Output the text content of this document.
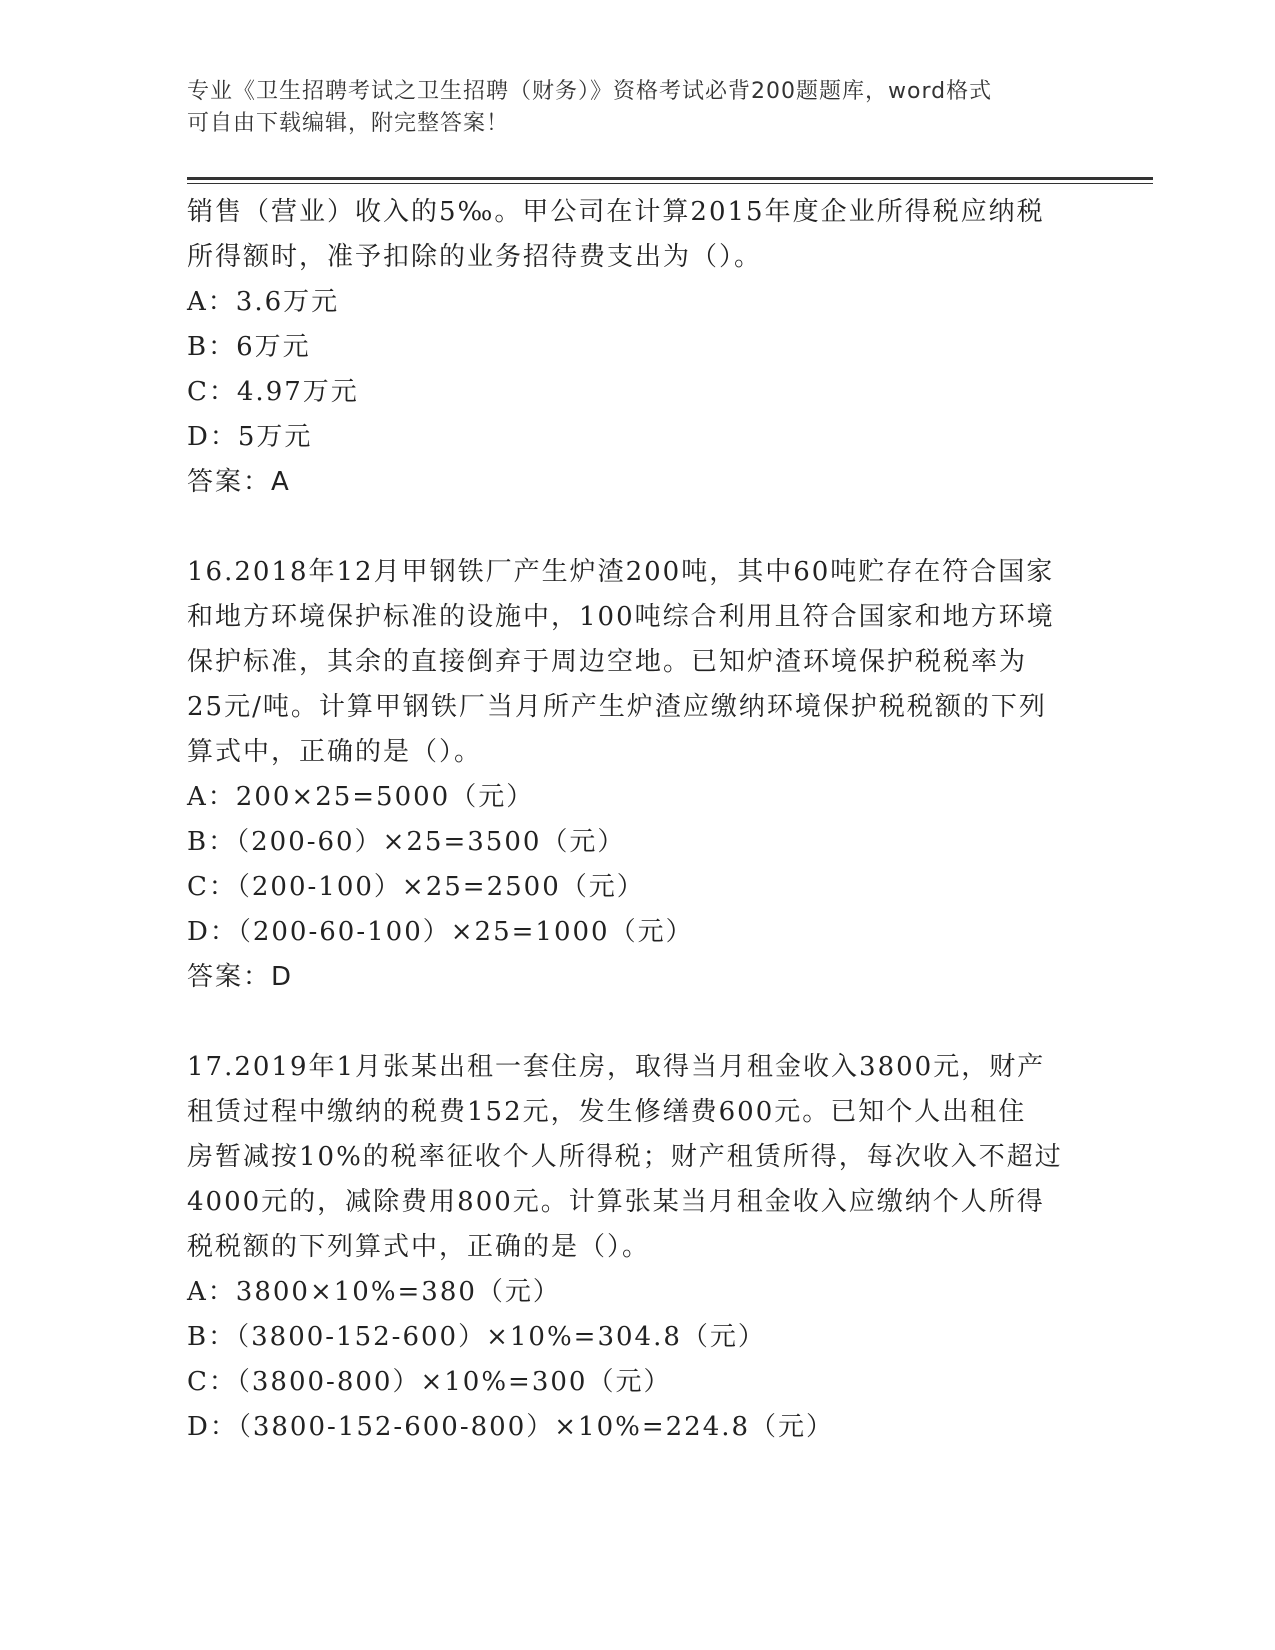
专业《卫生招聘考试之卫生招聘（财务）》资格考试必背200题题库，word格式
可自由下载编辑，附完整答案！
销售（营业）收入的5‰。甲公司在计算2015年度企业所得税应纳税
所得额时，准予扣除的业务招待费支出为（）。
A：3.6万元
B：6万元
C：4.97万元
D：5万元
答案：A
16.2018年12月甲钢铁厂产生炉渣200吨，其中60吨贮存在符合国家
和地方环境保护标准的设施中，100吨综合利用且符合国家和地方环境
保护标准，其余的直接倒弃于周边空地。已知炉渣环境保护税税率为
25元/吨。计算甲钢铁厂当月所产生炉渣应缴纳环境保护税税额的下列
算式中，正确的是（）。
A：200×25=5000（元）
B：（200-60）×25=3500（元）
C：（200-100）×25=2500（元）
D：（200-60-100）×25=1000（元）
答案：D
17.2019年1月张某出租一套住房，取得当月租金收入3800元，财产
租赁过程中缴纳的税费152元，发生修缮费600元。已知个人出租住
房暂减按10%的税率征收个人所得税；财产租赁所得，每次收入不超过
4000元的，减除费用800元。计算张某当月租金收入应缴纳个人所得
税税额的下列算式中，正确的是（）。
A：3800×10%=380（元）
B：（3800-152-600）×10%=304.8（元）
C：（3800-800）×10%=300（元）
D：（3800-152-600-800）×10%=224.8（元）
